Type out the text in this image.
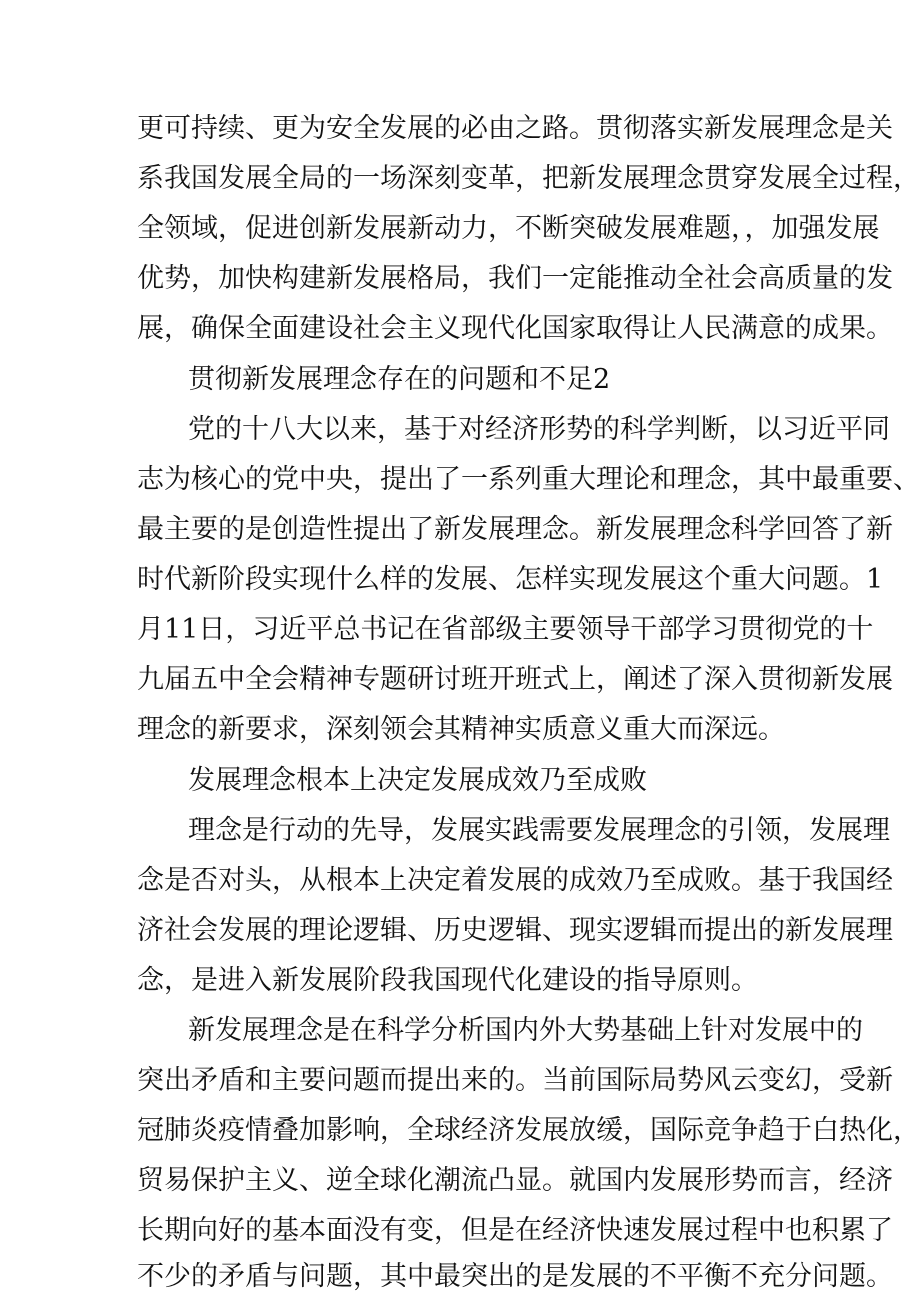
更可持续、更为安全发展的必由之路。贯彻落实新发展理念是关
系我国发展全局的一场深刻变革，把新发展理念贯穿发展全过程，
全领域，促进创新发展新动力，不断突破发展难题，，加强发展
优势，加快构建新发展格局，我们一定能推动全社会高质量的发
展，确保全面建设社会主义现代化国家取得让人民满意的成果。
贯彻新发展理念存在的问题和不足2
党的十八大以来，基于对经济形势的科学判断，以习近平同
志为核心的党中央，提出了一系列重大理论和理念，其中最重要、
最主要的是创造性提出了新发展理念。新发展理念科学回答了新
时代新阶段实现什么样的发展、怎样实现发展这个重大问题。1
月11日，习近平总书记在省部级主要领导干部学习贯彻党的十
九届五中全会精神专题研讨班开班式上，阐述了深入贯彻新发展
理念的新要求，深刻领会其精神实质意义重大而深远。
发展理念根本上决定发展成效乃至成败
理念是行动的先导，发展实践需要发展理念的引领，发展理
念是否对头，从根本上决定着发展的成效乃至成败。基于我国经
济社会发展的理论逻辑、历史逻辑、现实逻辑而提出的新发展理
念，是进入新发展阶段我国现代化建设的指导原则。
新发展理念是在科学分析国内外大势基础上针对发展中的
突出矛盾和主要问题而提出来的。当前国际局势风云变幻，受新
冠肺炎疫情叠加影响，全球经济发展放缓，国际竞争趋于白热化，
贸易保护主义、逆全球化潮流凸显。就国内发展形势而言，经济
长期向好的基本面没有变，但是在经济快速发展过程中也积累了
不少的矛盾与问题，其中最突出的是发展的不平衡不充分问题。
